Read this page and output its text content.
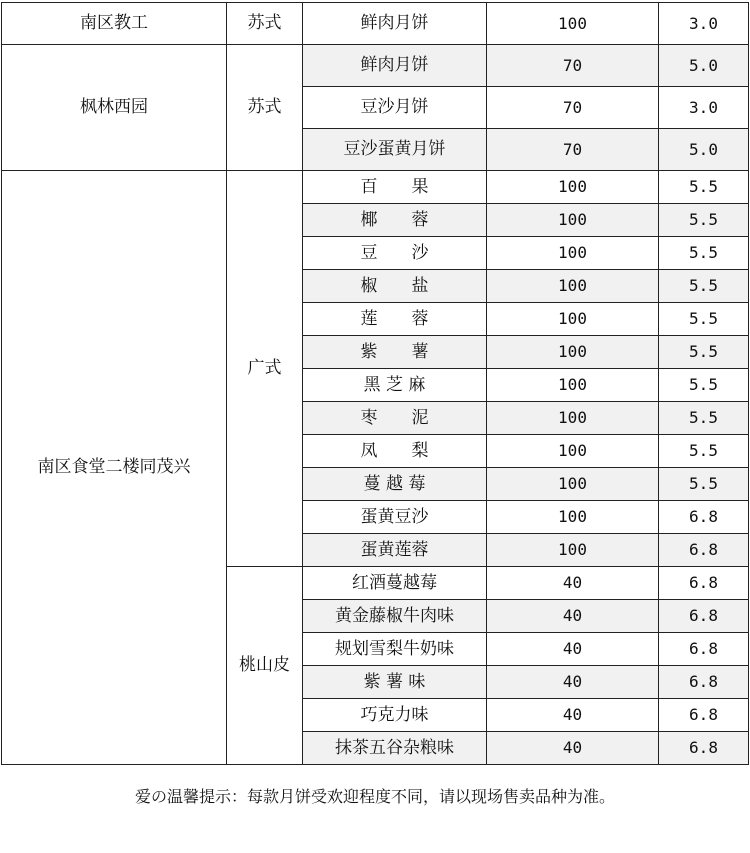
南区教工	苏式	鲜肉月饼	100	3.0
枫林西园	苏式	鲜肉月饼	70	5.0
		豆沙月饼	70	3.0
		豆沙蛋黄月饼	70	5.0
南区食堂二楼同茂兴	广式	百　　果	100	5.5
		椰　　蓉	100	5.5
		豆　　沙	100	5.5
		椒　　盐	100	5.5
		莲　　蓉	100	5.5
		紫　　薯	100	5.5
		黑 芝 麻	100	5.5
		枣　　泥	100	5.5
		凤　　梨	100	5.5
		蔓 越 莓	100	5.5
		蛋黄豆沙	100	6.8
		蛋黄莲蓉	100	6.8
	桃山皮	红酒蔓越莓	40	6.8
		黄金藤椒牛肉味	40	6.8
		规划雪梨牛奶味	40	6.8
		紫 薯 味	40	6.8
		巧克力味	40	6.8
		抹茶五谷杂粮味	40	6.8
爱の温馨提示：每款月饼受欢迎程度不同，请以现场售卖品种为准。
